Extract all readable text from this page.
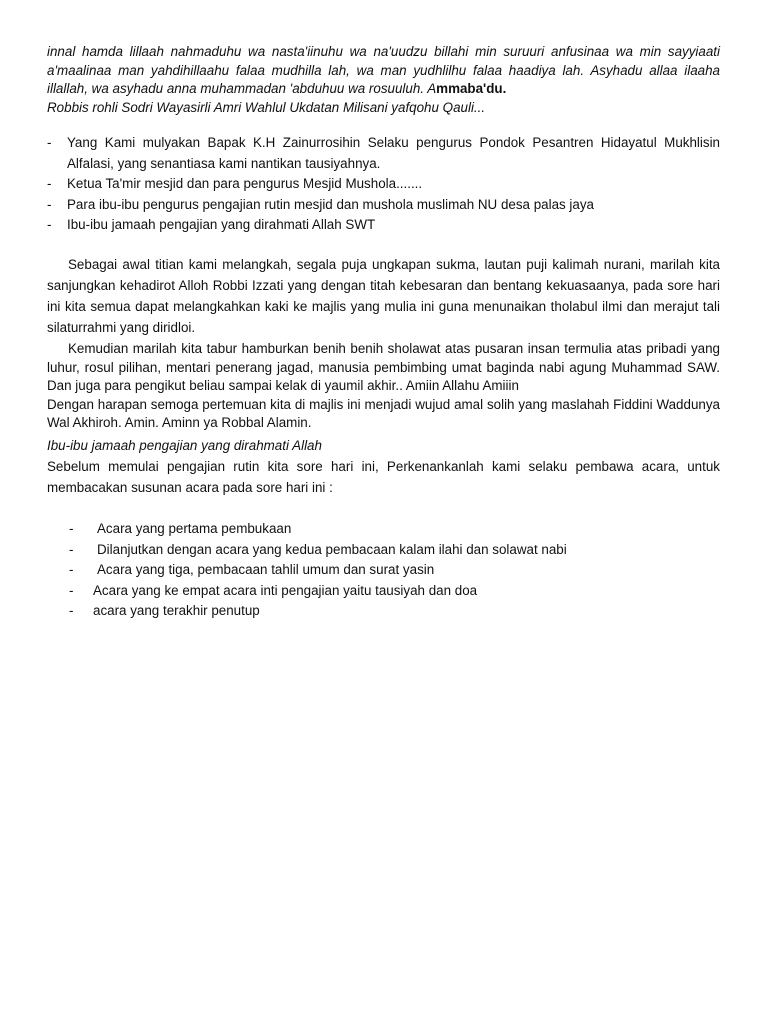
innal hamda lillaah nahmaduhu wa nasta'iinuhu wa na'uudzu billahi min suruuri anfusinaa wa min sayyiaati a'maalinaa man yahdihillaahu falaa mudhilla lah, wa man yudhlilhu falaa haadiya lah. Asyhadu allaa ilaaha illallah, wa asyhadu anna muhammadan 'abduhuu wa rosuuluh. Ammaba'du.

Robbis rohli Sodri Wayasirli Amri Wahlul Ukdatan Milisani yafqohu Qauli...

- Yang Kami mulyakan Bapak K.H Zainurrosihin Selaku pengurus Pondok Pesantren Hidayatul Mukhlisin Alfalasi, yang senantiasa kami nantikan tausiyahnya.
- Ketua Ta'mir mesjid dan para pengurus Mesjid Mushola.......
- Para ibu-ibu pengurus pengajian rutin mesjid dan mushola muslimah NU desa palas jaya
- Ibu-ibu jamaah pengajian yang dirahmati Allah SWT

Sebagai awal titian kami melangkah, segala puja ungkapan sukma, lautan puji kalimah nurani, marilah kita sanjungkan kehadirot Alloh Robbi Izzati yang dengan titah kebesaran dan bentang kekuasaanya, pada sore hari ini kita semua dapat melangkahkan kaki ke majlis yang mulia ini guna menunaikan tholabul ilmi dan merajut tali silaturrahmi yang diridloi.

Kemudian marilah kita tabur hamburkan benih benih sholawat atas pusaran insan termulia atas pribadi yang luhur, rosul pilihan, mentari penerang jagad, manusia pembimbing umat baginda nabi agung Muhammad SAW. Dan juga para pengikut beliau sampai kelak di yaumil akhir.. Amiin Allahu Amiiin

Dengan harapan semoga pertemuan kita di majlis ini menjadi wujud amal solih yang maslahah Fiddini Waddunya Wal Akhiroh. Amin. Aminn ya Robbal Alamin.

Ibu-ibu jamaah pengajian yang dirahmati Allah

Sebelum memulai pengajian rutin kita sore hari ini, Perkenankanlah kami selaku pembawa acara, untuk membacakan susunan acara pada sore hari ini :

- Acara yang pertama pembukaan
- Dilanjutkan dengan acara yang kedua pembacaan kalam ilahi dan solawat nabi
- Acara yang tiga, pembacaan tahlil umum dan surat yasin
- Acara yang ke empat acara inti pengajian yaitu tausiyah dan doa
- acara yang terakhir penutup
